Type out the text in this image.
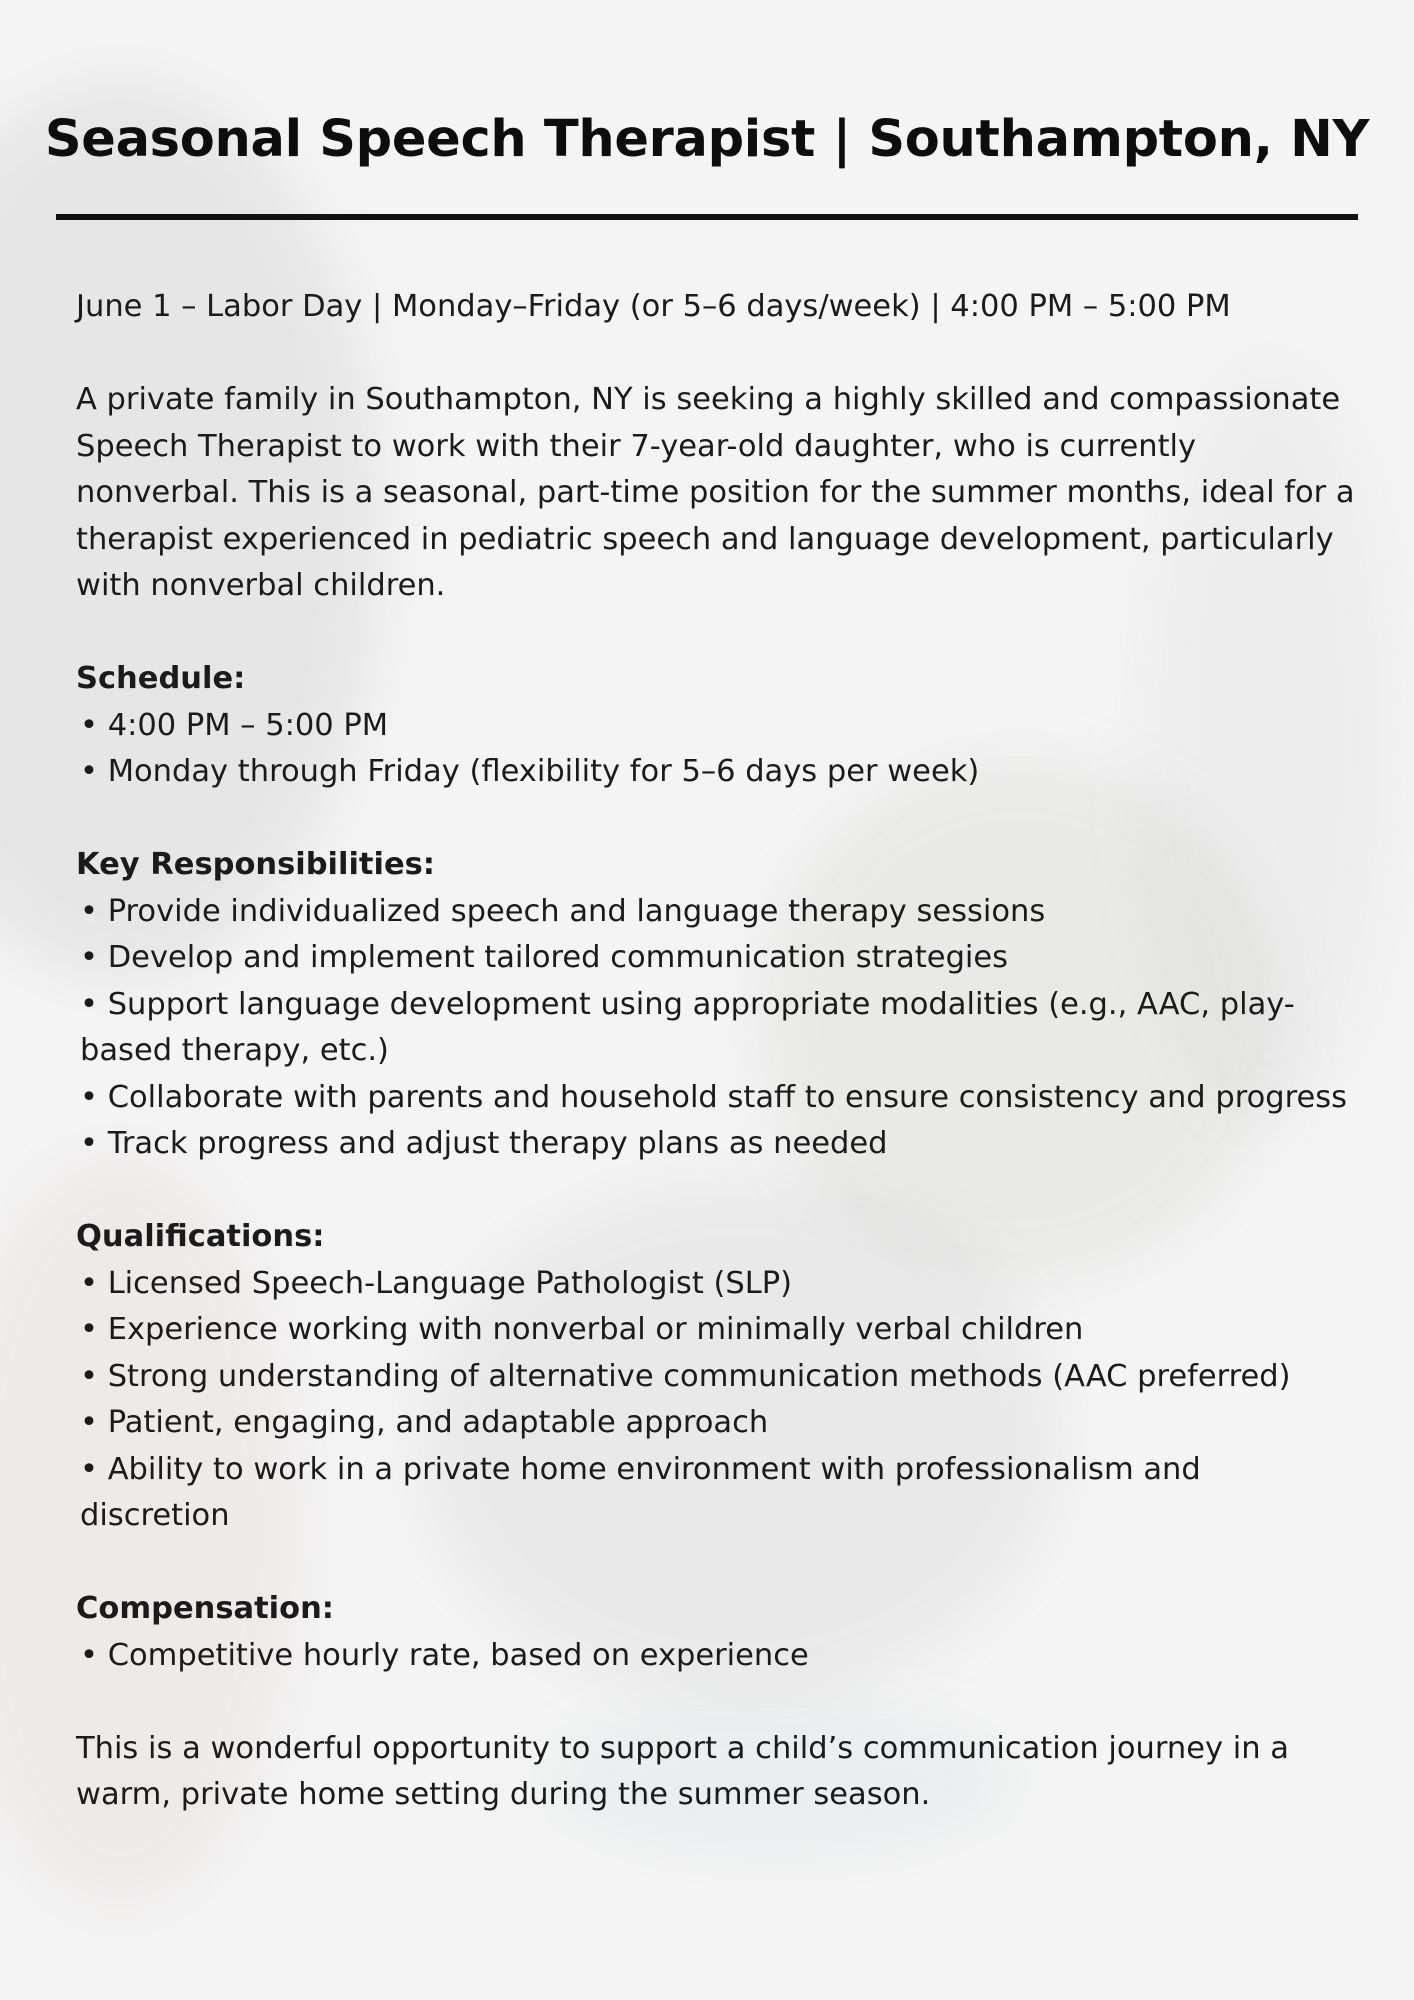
Seasonal Speech Therapist | Southampton, NY

June 1 – Labor Day | Monday–Friday (or 5–6 days/week) | 4:00 PM – 5:00 PM

A private family in Southampton, NY is seeking a highly skilled and compassionate Speech Therapist to work with their 7-year-old daughter, who is currently nonverbal. This is a seasonal, part-time position for the summer months, ideal for a therapist experienced in pediatric speech and language development, particularly with nonverbal children.

Schedule:

• 4:00 PM – 5:00 PM

• Monday through Friday (flexibility for 5–6 days per week)

Key Responsibilities:

• Provide individualized speech and language therapy sessions

• Develop and implement tailored communication strategies

• Support language development using appropriate modalities (e.g., AAC, play-based therapy, etc.)

• Collaborate with parents and household staff to ensure consistency and progress

• Track progress and adjust therapy plans as needed

Qualifications:

• Licensed Speech-Language Pathologist (SLP)

• Experience working with nonverbal or minimally verbal children

• Strong understanding of alternative communication methods (AAC preferred)

• Patient, engaging, and adaptable approach

• Ability to work in a private home environment with professionalism and discretion

Compensation:

• Competitive hourly rate, based on experience

This is a wonderful opportunity to support a child’s communication journey in a warm, private home setting during the summer season.
